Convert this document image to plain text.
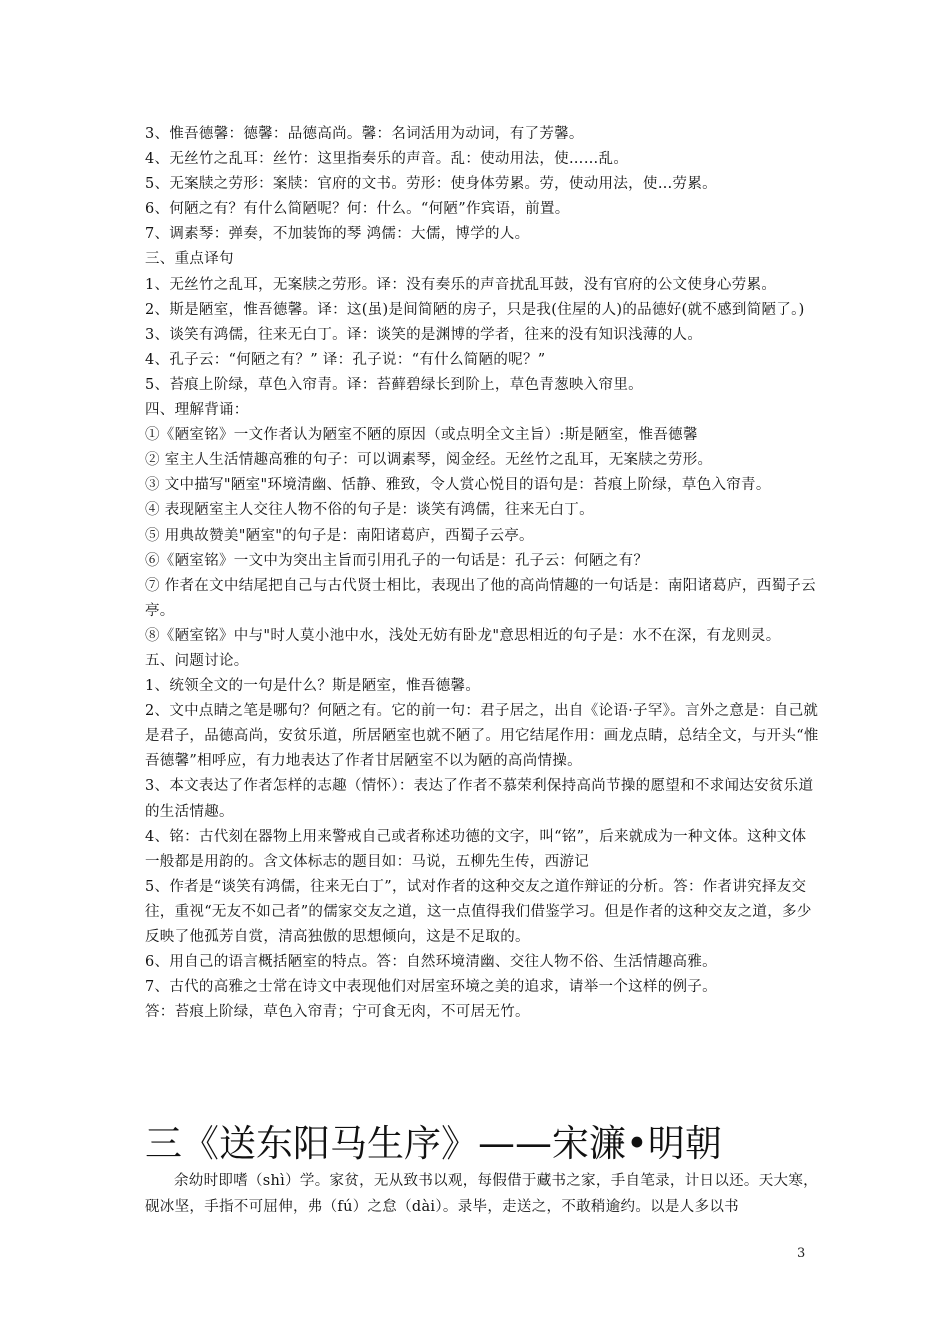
3、惟吾德馨：德馨：品德高尚。馨：名词活用为动词，有了芳馨。

4、无丝竹之乱耳：丝竹：这里指奏乐的声音。乱：使动用法，使……乱。

5、无案牍之劳形：案牍：官府的文书。劳形：使身体劳累。劳，使动用法，使…劳累。

6、何陋之有？有什么简陋呢？何：什么。“何陋”作宾语，前置。

7、调素琴：弹奏，不加装饰的琴 鸿儒：大儒，博学的人。

三、重点译句

1、无丝竹之乱耳，无案牍之劳形。译：没有奏乐的声音扰乱耳鼓，没有官府的公文使身心劳累。

2、斯是陋室，惟吾德馨。译：这(虽)是间简陋的房子，只是我(住屋的人)的品德好(就不感到简陋了。)

3、谈笑有鸿儒，往来无白丁。译：谈笑的是渊博的学者，往来的没有知识浅薄的人。

4、孔子云：“何陋之有？” 译：孔子说：“有什么简陋的呢？”

5、苔痕上阶绿，草色入帘青。译：苔藓碧绿长到阶上，草色青葱映入帘里。

四、理解背诵：

①《陋室铭》一文作者认为陋室不陋的原因（或点明全文主旨）:斯是陋室，惟吾德馨

② 室主人生活情趣高雅的句子：可以调素琴，阅金经。无丝竹之乱耳，无案牍之劳形。

③ 文中描写"陋室"环境清幽、恬静、雅致，令人赏心悦目的语句是：苔痕上阶绿，草色入帘青。

④ 表现陋室主人交往人物不俗的句子是：谈笑有鸿儒，往来无白丁。

⑤ 用典故赞美"陋室"的句子是：南阳诸葛庐，西蜀子云亭。

⑥《陋室铭》一文中为突出主旨而引用孔子的一句话是：孔子云：何陋之有？

⑦ 作者在文中结尾把自己与古代贤士相比，表现出了他的高尚情趣的一句话是：南阳诸葛庐，西蜀子云亭。

⑧《陋室铭》中与"时人莫小池中水，浅处无妨有卧龙"意思相近的句子是：水不在深，有龙则灵。

五、问题讨论。

1、统领全文的一句是什么？斯是陋室，惟吾德馨。

2、文中点睛之笔是哪句？何陋之有。它的前一句：君子居之，出自《论语·子罕》。言外之意是：自己就是君子，品德高尚，安贫乐道，所居陋室也就不陋了。用它结尾作用：画龙点睛，总结全文，与开头“惟吾德馨”相呼应，有力地表达了作者甘居陋室不以为陋的高尚情操。

3、本文表达了作者怎样的志趣（情怀）：表达了作者不慕荣利保持高尚节操的愿望和不求闻达安贫乐道的生活情趣。

4、铭：古代刻在器物上用来警戒自己或者称述功德的文字，叫“铭”，后来就成为一种文体。这种文体一般都是用韵的。含文体标志的题目如：马说，五柳先生传，西游记

5、作者是“谈笑有鸿儒，往来无白丁”，试对作者的这种交友之道作辩证的分析。答：作者讲究择友交往，重视“无友不如己者”的儒家交友之道，这一点值得我们借鉴学习。但是作者的这种交友之道，多少反映了他孤芳自赏，清高独傲的思想倾向，这是不足取的。

6、用自己的语言概括陋室的特点。答：自然环境清幽、交往人物不俗、生活情趣高雅。

7、古代的高雅之士常在诗文中表现他们对居室环境之美的追求，请举一个这样的例子。

答：苔痕上阶绿，草色入帘青；宁可食无肉，不可居无竹。

三《送东阳马生序》——宋濂•明朝

余幼时即嗜（shì）学。家贫，无从致书以观，每假借于藏书之家，手自笔录，计日以还。天大寒，砚冰坚，手指不可屈伸，弗（fú）之怠（dài）。录毕，走送之，不敢稍逾约。以是人多以书

3
